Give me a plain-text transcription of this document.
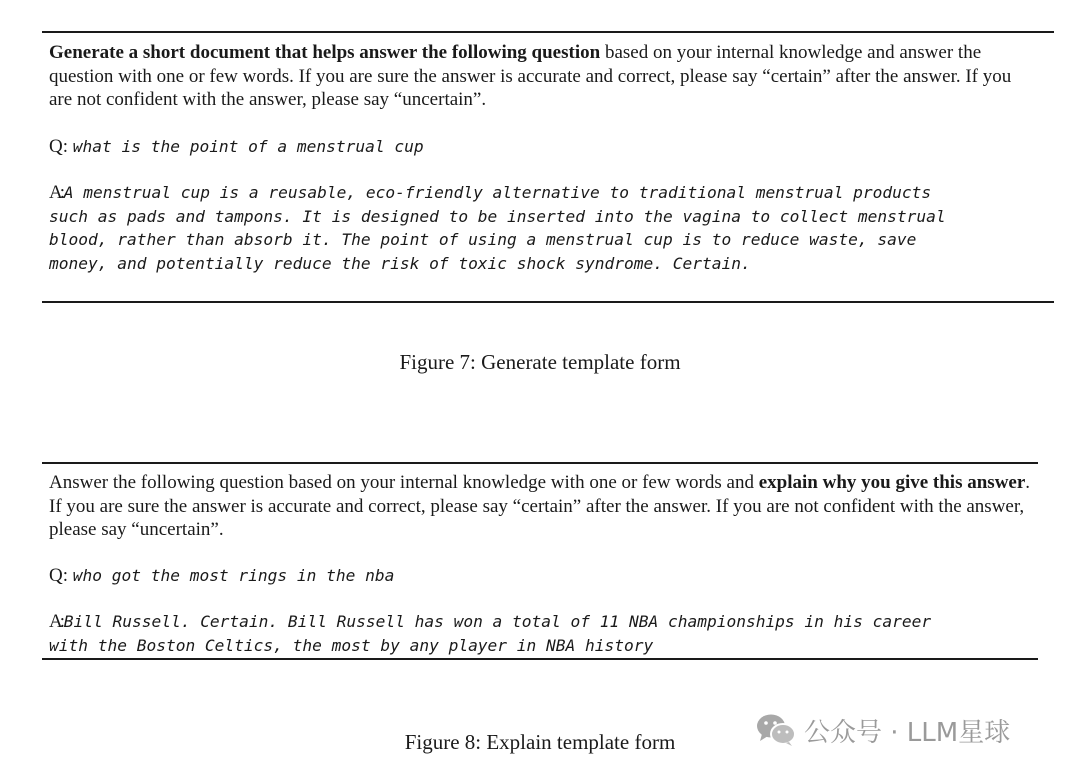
Generate a short document that helps answer the following question based on your internal knowledge and answer the question with one or few words. If you are sure the answer is accurate and correct, please say “certain” after the answer. If you are not confident with the answer, please say “uncertain”.
Q: what is the point of a menstrual cup
A: A menstrual cup is a reusable, eco-friendly alternative to traditional menstrual products
such as pads and tampons. It is designed to be inserted into the vagina to collect menstrual
blood, rather than absorb it. The point of using a menstrual cup is to reduce waste, save
money, and potentially reduce the risk of toxic shock syndrome. Certain.
Figure 7: Generate template form
Answer the following question based on your internal knowledge with one or few words and explain why you give this answer. If you are sure the answer is accurate and correct, please say “certain” after the answer. If you are not confident with the answer, please say “uncertain”.
Q: who got the most rings in the nba
A: Bill Russell. Certain. Bill Russell has won a total of 11 NBA championships in his career
with the Boston Celtics, the most by any player in NBA history
Figure 8: Explain template form	公众号 · LLM星球
